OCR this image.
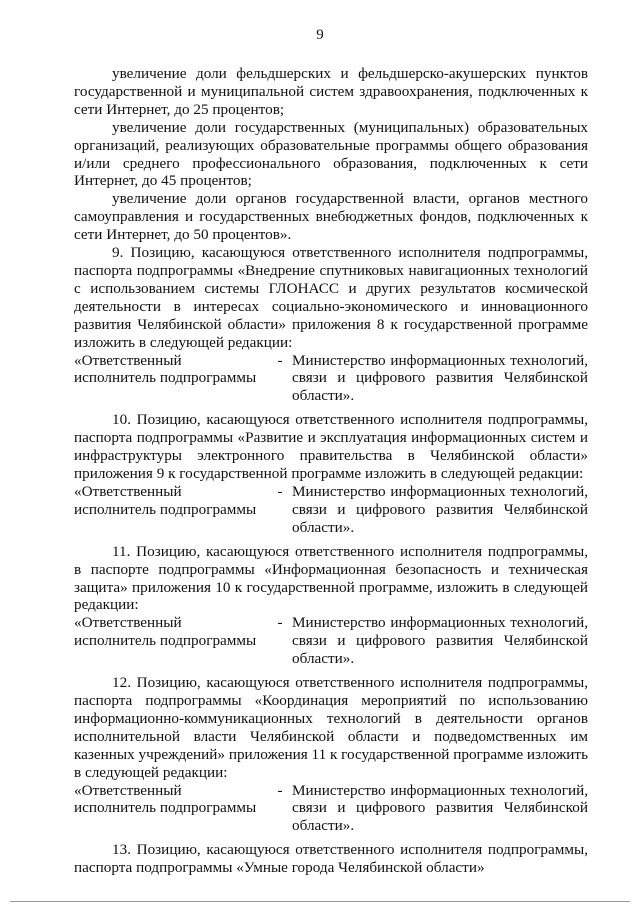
9

увеличение доли фельдшерских и фельдшерско-акушерских пунктов государственной и муниципальной систем здравоохранения, подключенных к сети Интернет, до 25 процентов;

увеличение доли государственных (муниципальных) образовательных организаций, реализующих образовательные программы общего образования и/или среднего профессионального образования, подключенных к сети Интернет, до 45 процентов;

увеличение доли органов государственной власти, органов местного самоуправления и государственных внебюджетных фондов, подключенных к сети Интернет, до 50 процентов».

9. Позицию, касающуюся ответственного исполнителя подпрограммы, паспорта подпрограммы «Внедрение спутниковых навигационных технологий с использованием системы ГЛОНАСС и других результатов космической деятельности в интересах социально-экономического и инновационного развития Челябинской области» приложения 8 к государственной программе изложить в следующей редакции:

«Ответственный исполнитель подпрограммы
- Министерство информационных технологий, связи и цифрового развития Челябинской области».

10. Позицию, касающуюся ответственного исполнителя подпрограммы, паспорта подпрограммы «Развитие и эксплуатация информационных систем и инфраструктуры электронного правительства в Челябинской области» приложения 9 к государственной программе изложить в следующей редакции:

«Ответственный исполнитель подпрограммы
- Министерство информационных технологий, связи и цифрового развития Челябинской области».

11. Позицию, касающуюся ответственного исполнителя подпрограммы, в паспорте подпрограммы «Информационная безопасность и техническая защита» приложения 10 к государственной программе, изложить в следующей редакции:

«Ответственный исполнитель подпрограммы
- Министерство информационных технологий, связи и цифрового развития Челябинской области».

12. Позицию, касающуюся ответственного исполнителя подпрограммы, паспорта подпрограммы «Координация мероприятий по использованию информационно-коммуникационных технологий в деятельности органов исполнительной власти Челябинской области и подведомственных им казенных учреждений» приложения 11 к государственной программе изложить в следующей редакции:

«Ответственный исполнитель подпрограммы
- Министерство информационных технологий, связи и цифрового развития Челябинской области».

13. Позицию, касающуюся ответственного исполнителя подпрограммы, паспорта подпрограммы «Умные города Челябинской области»
